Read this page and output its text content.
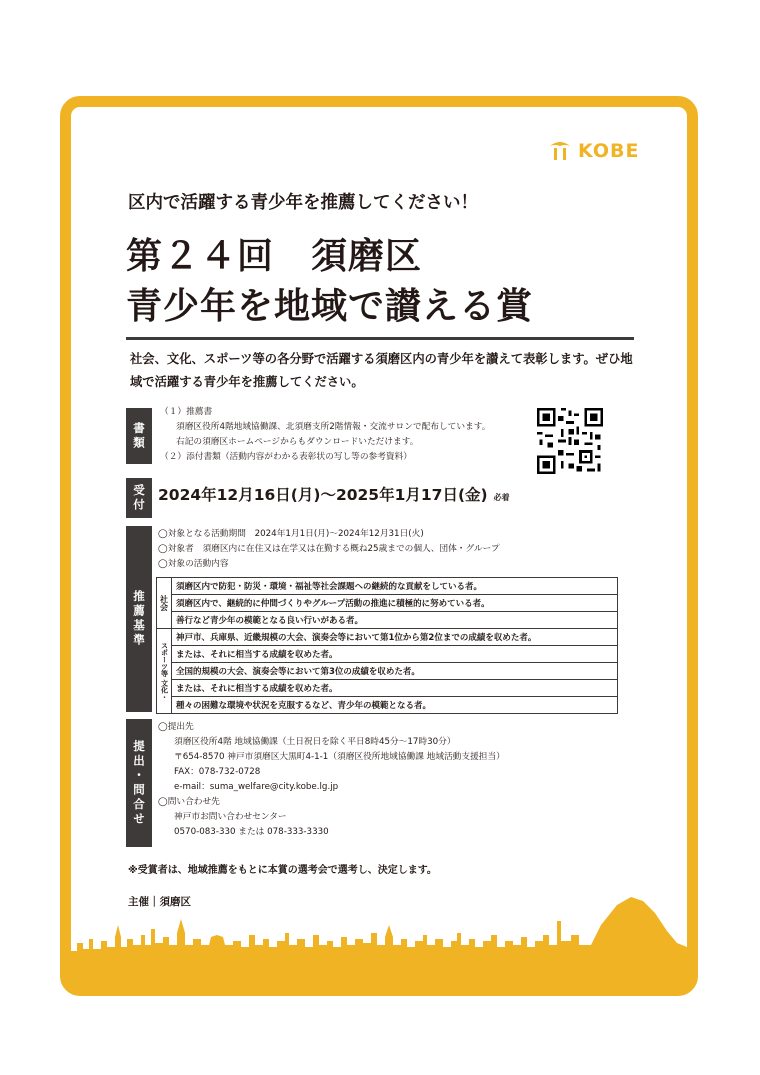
KOBE
区内で活躍する青少年を推薦してください！
第２４回　須磨区
青少年を地域で讃える賞
社会、文化、スポーツ等の各分野で活躍する須磨区内の青少年を讃えて表彰します。ぜひ地域で活躍する青少年を推薦してください。
書類
（１）推薦書
須磨区役所4階地域協働課、北須磨支所2階情報・交流サロンで配布しています。
右記の須磨区ホームページからもダウンロードいただけます。
（２）添付書類（活動内容がわかる表彰状の写し等の参考資料）
受付 2024年12月16日(月)～2025年1月17日(金) 必着
推薦基準
◯対象となる活動期間　2024年1月1日(月)～2024年12月31日(火)
◯対象者　須磨区内に在住又は在学又は在勤する概ね25歳までの個人、団体・グループ
◯対象の活動内容
社会	須磨区内で防犯・防災・環境・福祉等社会課題への継続的な貢献をしている者。
	須磨区内で、継続的に仲間づくりやグループ活動の推進に積極的に努めている者。
	善行など青少年の模範となる良い行いがある者。
スポーツ等 文化・	神戸市、兵庫県、近畿規模の大会、演奏会等において第1位から第2位までの成績を収めた者。
	または、それに相当する成績を収めた者。
	全国的規模の大会、演奏会等において第3位の成績を収めた者。
	または、それに相当する成績を収めた者。
	種々の困難な環境や状況を克服するなど、青少年の模範となる者。
提出・問合せ
◯提出先
須磨区役所4階 地域協働課（土日祝日を除く平日8時45分～17時30分）
〒654-8570 神戸市須磨区大黒町4-1-1（須磨区役所地域協働課 地域活動支援担当）
FAX：078-732-0728
e-mail：suma_welfare@city.kobe.lg.jp
◯問い合わせ先
神戸市お問い合わせセンター
0570-083-330 または 078-333-3330
※受賞者は、地域推薦をもとに本賞の選考会で選考し、決定します。
主催｜須磨区
